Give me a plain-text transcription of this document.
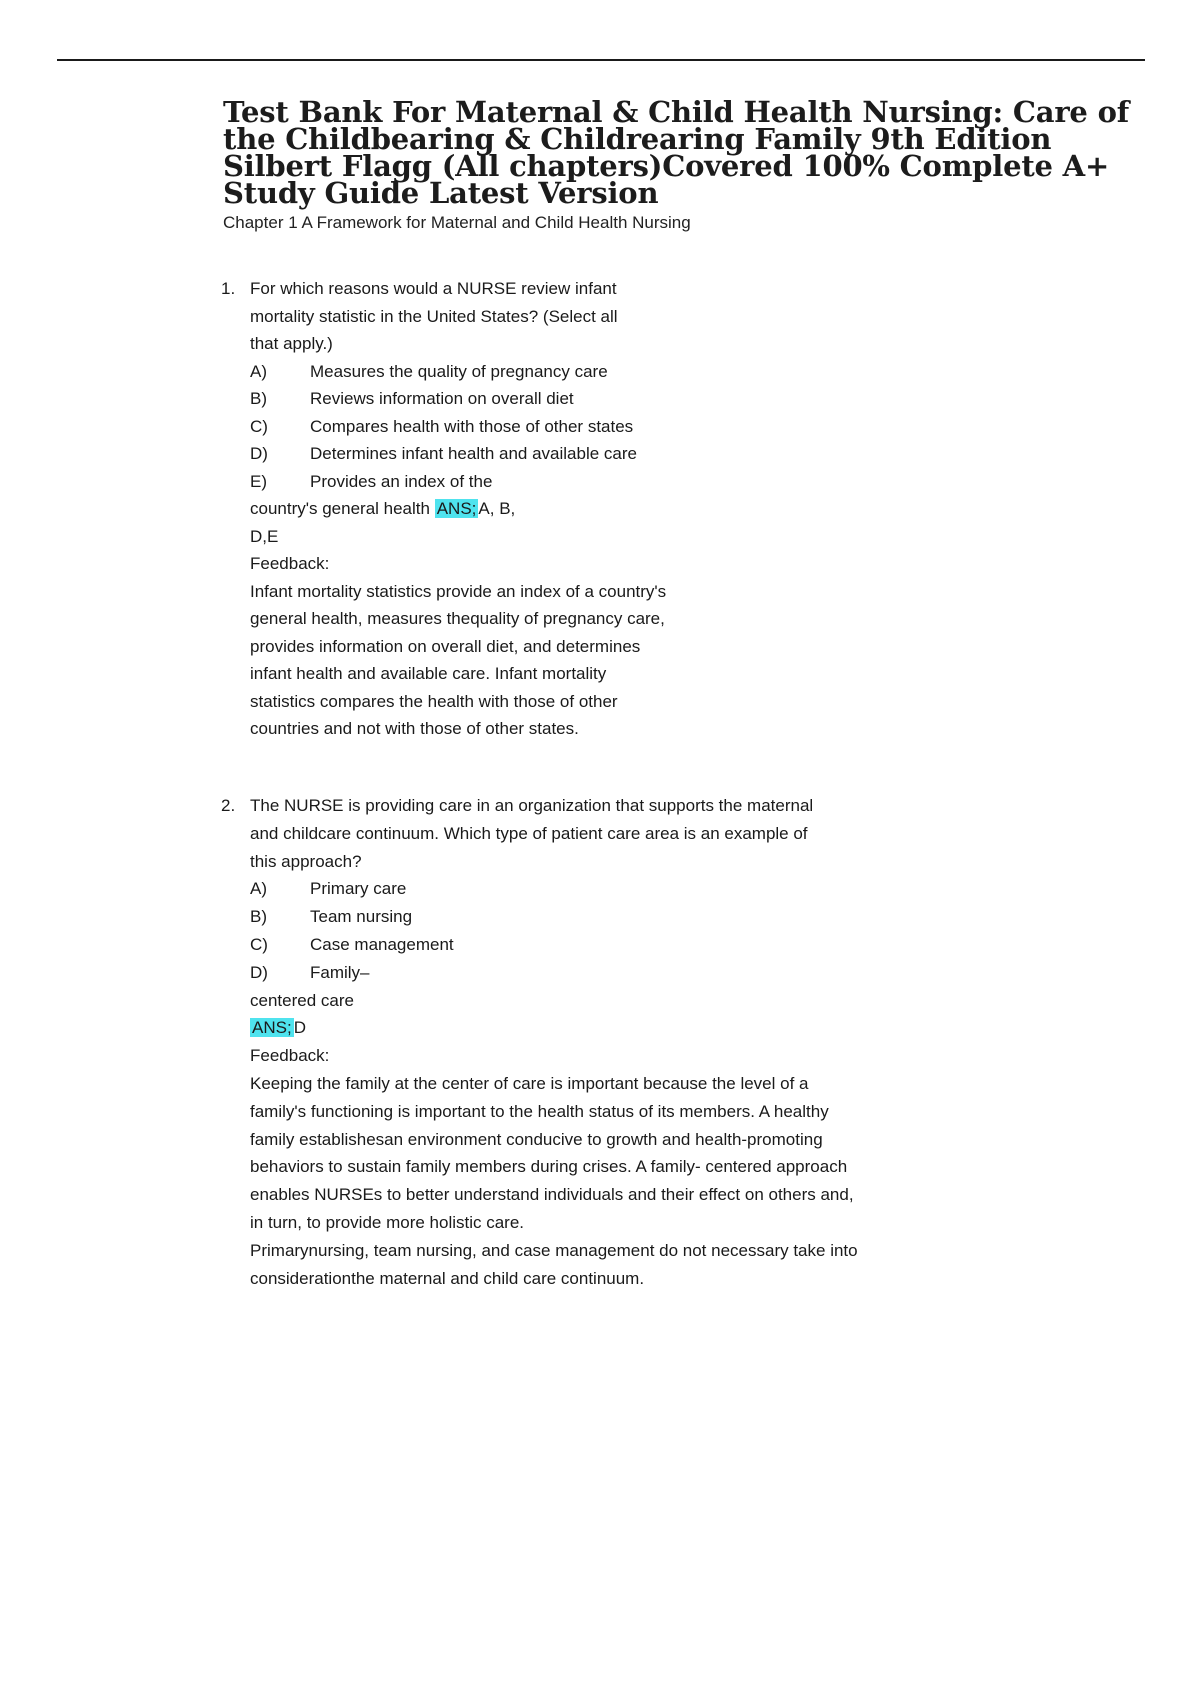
Test Bank For Maternal & Child Health Nursing: Care of the Childbearing & Childrearing Family 9th Edition Silbert Flagg (All chapters)Covered 100% Complete A+ Study Guide Latest Version
Chapter 1 A Framework for Maternal and Child Health Nursing
1. For which reasons would a NURSE review infant
mortality statistic in the United States? (Select all
that apply.)
A)	Measures the quality of pregnancy care
B)	Reviews information on overall diet
C) Compares health with those of other states
D) Determines infant health and available care
E)	Provides an index of the
country's general health ANS; A, B,
D,E
Feedback:
Infant mortality statistics provide an index of a country's
general health, measures thequality of pregnancy care,
provides information on overall diet, and determines
infant health and available care. Infant mortality
statistics compares the health with those of other
countries and not with those of other states.
2. The NURSE is providing care in an organization that supports the maternal
and childcare continuum. Which type of patient care area is an example of
this approach?
A)	Primary care
B)	Team nursing
C) Case management
D) Family–
centered care
ANS; D
Feedback:
Keeping the family at the center of care is important because the level of a
family's functioning is important to the health status of its members. A healthy
family establishesan environment conducive to growth and health-promoting
behaviors to sustain family members during crises. A family- centered approach
enables NURSEs to better understand individuals and their effect on others and,
in turn, to provide more holistic care.
Primarynursing, team nursing, and case management do not necessary take into
considerationthe maternal and child care continuum.
